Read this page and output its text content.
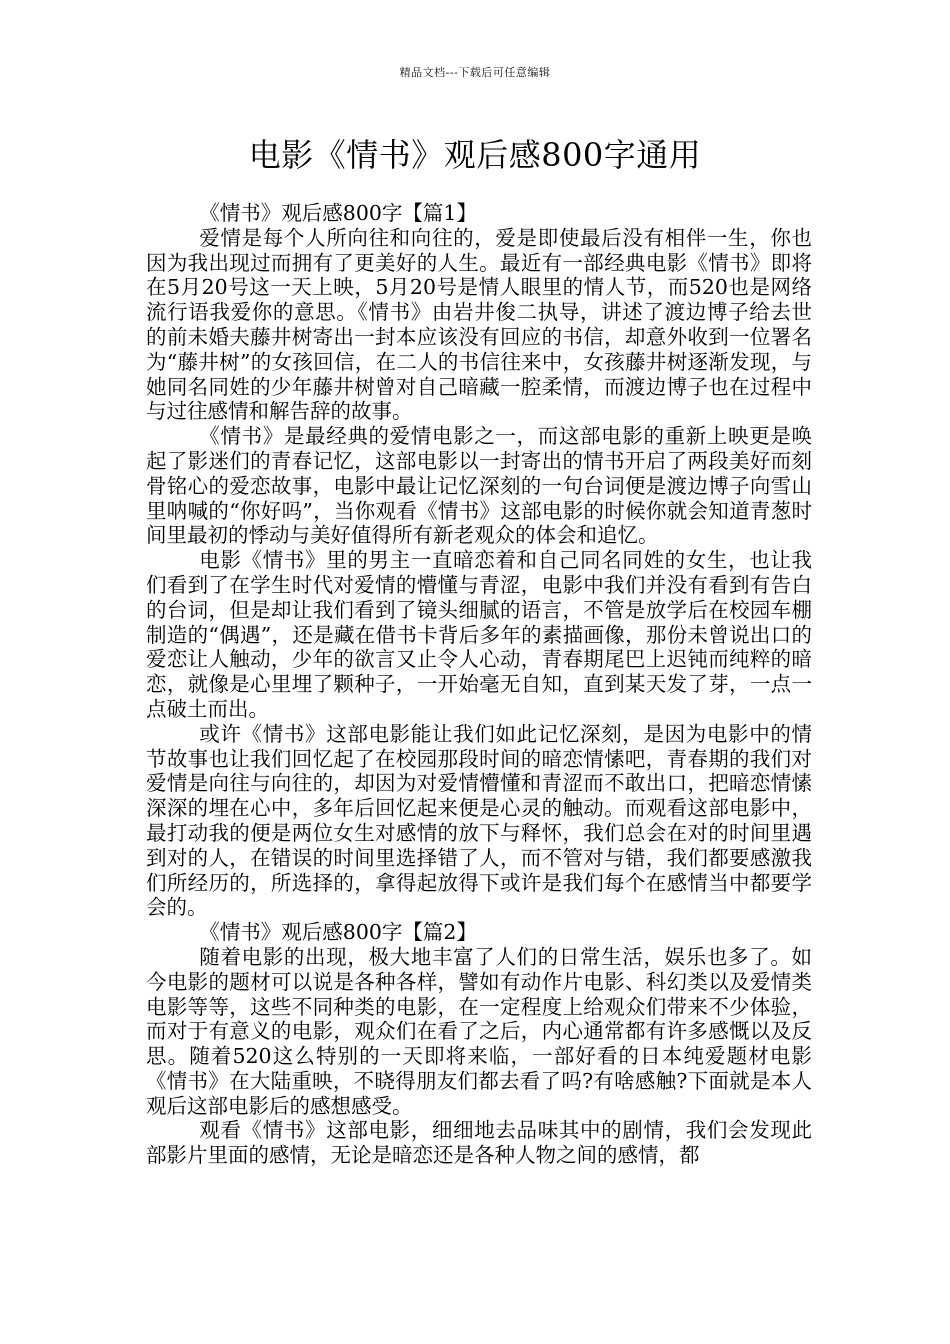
精品文档---下载后可任意编辑
电影《情书》观后感800字通用

《情书》观后感800字【篇1】

爱情是每个人所向往和向往的，爱是即使最后没有相伴一生，你也因为我出现过而拥有了更美好的人生。最近有一部经典电影《情书》即将在5月20号这一天上映，5月20号是情人眼里的情人节，而520也是网络流行语我爱你的意思。《情书》由岩井俊二执导，讲述了渡边博子给去世的前未婚夫藤井树寄出一封本应该没有回应的书信，却意外收到一位署名为“藤井树”的女孩回信，在二人的书信往来中，女孩藤井树逐渐发现，与她同名同姓的少年藤井树曾对自己暗藏一腔柔情，而渡边博子也在过程中与过往感情和解告辞的故事。

《情书》是最经典的爱情电影之一，而这部电影的重新上映更是唤起了影迷们的青春记忆，这部电影以一封寄出的情书开启了两段美好而刻骨铭心的爱恋故事，电影中最让记忆深刻的一句台词便是渡边博子向雪山里呐喊的“你好吗”，当你观看《情书》这部电影的时候你就会知道青葱时间里最初的悸动与美好值得所有新老观众的体会和追忆。

电影《情书》里的男主一直暗恋着和自己同名同姓的女生，也让我们看到了在学生时代对爱情的懵懂与青涩，电影中我们并没有看到有告白的台词，但是却让我们看到了镜头细腻的语言，不管是放学后在校园车棚制造的“偶遇”，还是藏在借书卡背后多年的素描画像，那份未曾说出口的爱恋让人触动，少年的欲言又止令人心动，青春期尾巴上迟钝而纯粹的暗恋，就像是心里埋了颗种子，一开始毫无自知，直到某天发了芽，一点一点破土而出。

或许《情书》这部电影能让我们如此记忆深刻，是因为电影中的情节故事也让我们回忆起了在校园那段时间的暗恋情愫吧，青春期的我们对爱情是向往与向往的，却因为对爱情懵懂和青涩而不敢出口，把暗恋情愫深深的埋在心中，多年后回忆起来便是心灵的触动。而观看这部电影中，最打动我的便是两位女生对感情的放下与释怀，我们总会在对的时间里遇到对的人，在错误的时间里选择错了人，而不管对与错，我们都要感激我们所经历的，所选择的，拿得起放得下或许是我们每个在感情当中都要学会的。

《情书》观后感800字【篇2】

随着电影的出现，极大地丰富了人们的日常生活，娱乐也多了。如今电影的题材可以说是各种各样，譬如有动作片电影、科幻类以及爱情类电影等等，这些不同种类的电影，在一定程度上给观众们带来不少体验，而对于有意义的电影，观众们在看了之后，内心通常都有许多感慨以及反思。随着520这么特别的一天即将来临，一部好看的日本纯爱题材电影《情书》在大陆重映，不晓得朋友们都去看了吗?有啥感触?下面就是本人观后这部电影后的感想感受。

观看《情书》这部电影，细细地去品味其中的剧情，我们会发现此部影片里面的感情，无论是暗恋还是各种人物之间的感情，都
